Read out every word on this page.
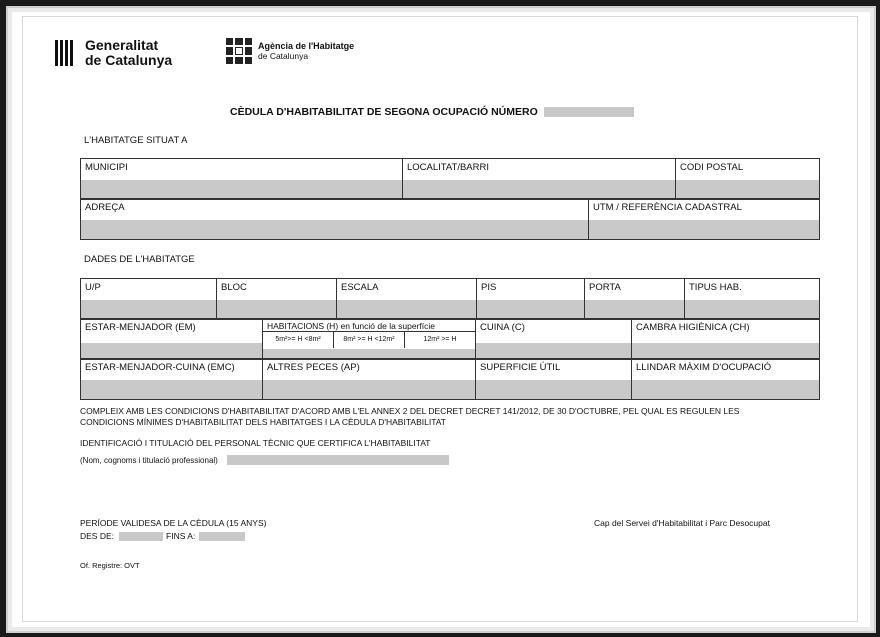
Generalitat
de Catalunya
Agència de l'Habitatge
de Catalunya
CÈDULA D'HABITABILITAT DE SEGONA OCUPACIÓ NÚMERO
L'HABITATGE SITUAT A
MUNICIPI	LOCALITAT/BARRI	CODI POSTAL
ADREÇA	UTM / REFERÈNCIA CADASTRAL
DADES DE L'HABITATGE
U/P	BLOC	ESCALA	PIS	PORTA	TIPUS HAB.
ESTAR-MENJADOR (EM)	HABITACIONS (H) en funció de la superfície
5m²>= H <8m²	8m² >= H <12m²	12m² >= H

CUINA (C)	CAMBRA HIGIÈNICA (CH)
ESTAR-MENJADOR-CUINA (EMC)	ALTRES PECES (AP)	SUPERFICIE ÚTIL	LLINDAR MÀXIM D'OCUPACIÓ
COMPLEIX AMB LES CONDICIONS D'HABITABILITAT D'ACORD AMB L'EL ANNEX 2 DEL DECRET DECRET 141/2012, DE 30 D'OCTUBRE, PEL QUAL ES REGULEN LES
CONDICIONS MÍNIMES D'HABITABILITAT DELS HABITATGES I LA CÈDULA D'HABITABILITAT
IDENTIFICACIÓ I TITULACIÓ DEL PERSONAL TÈCNIC QUE CERTIFICA L'HABITABILITAT
(Nom, cognoms i titulació professional)
PERÍODE VALIDESA DE LA CÈDULA (15 ANYS)
DES DE:	FINS A:
Cap del Servei d'Habitabilitat i Parc Desocupat
Of. Registre: OVT
